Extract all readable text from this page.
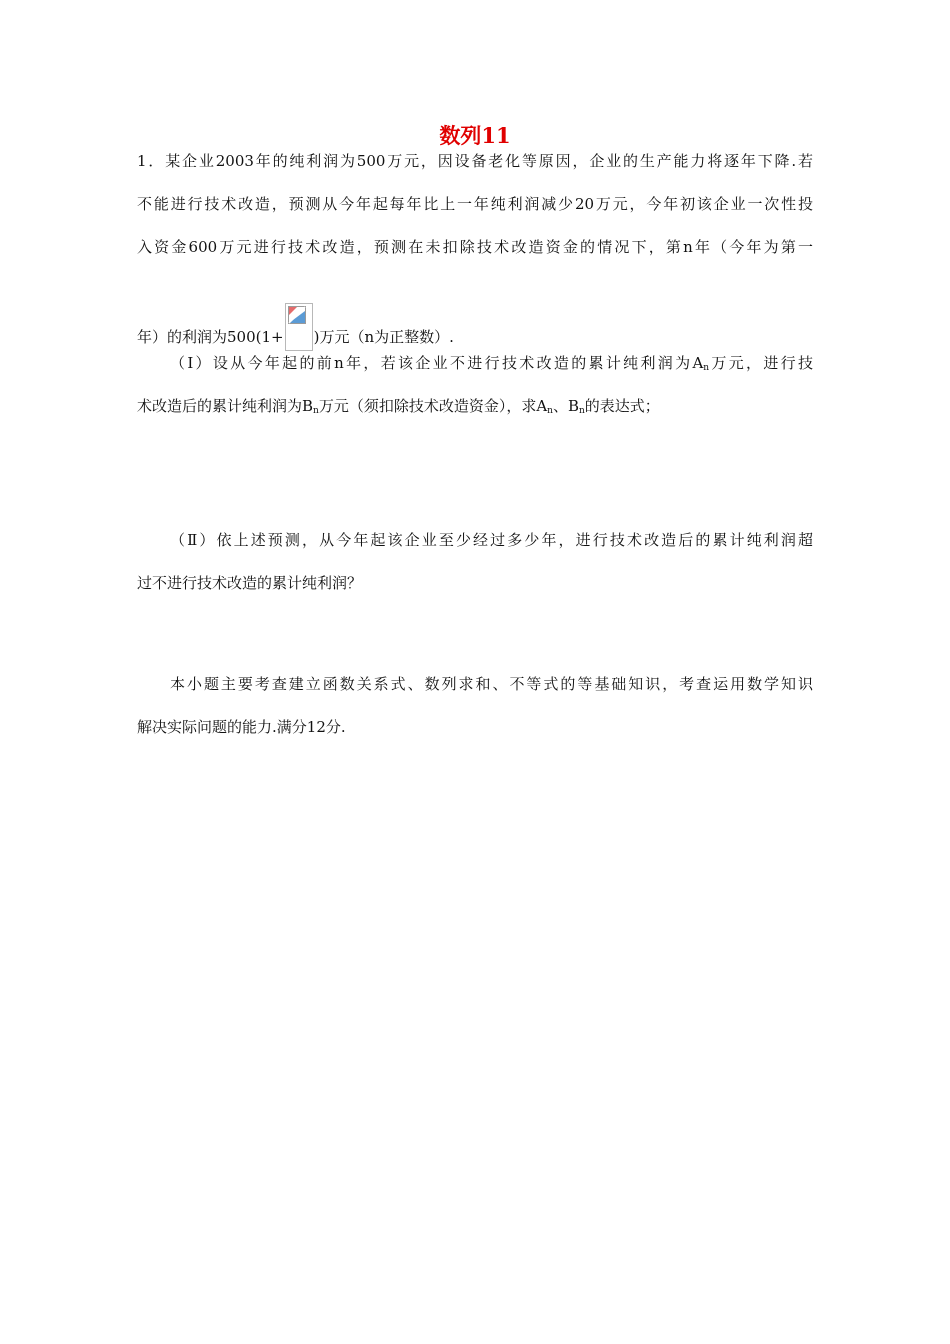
数列11
1．某企业2003年的纯利润为500万元，因设备老化等原因，企业的生产能力将逐年下降.若
不能进行技术改造，预测从今年起每年比上一年纯利润减少20万元，今年初该企业一次性投
入资金600万元进行技术改造，预测在未扣除技术改造资金的情况下，第n年（今年为第一
年）的利润为500(1+ )万元（n为正整数）.
（Ⅰ）设从今年起的前n年，若该企业不进行技术改造的累计纯利润为$A_n$万元，进行技
术改造后的累计纯利润为$B_n$万元（须扣除技术改造资金），求$A_n$、$B_n$的表达式；
（Ⅱ）依上述预测，从今年起该企业至少经过多少年，进行技术改造后的累计纯利润超
过不进行技术改造的累计纯利润？
本小题主要考查建立函数关系式、数列求和、不等式的等基础知识，考查运用数学知识
解决实际问题的能力.满分12分.
